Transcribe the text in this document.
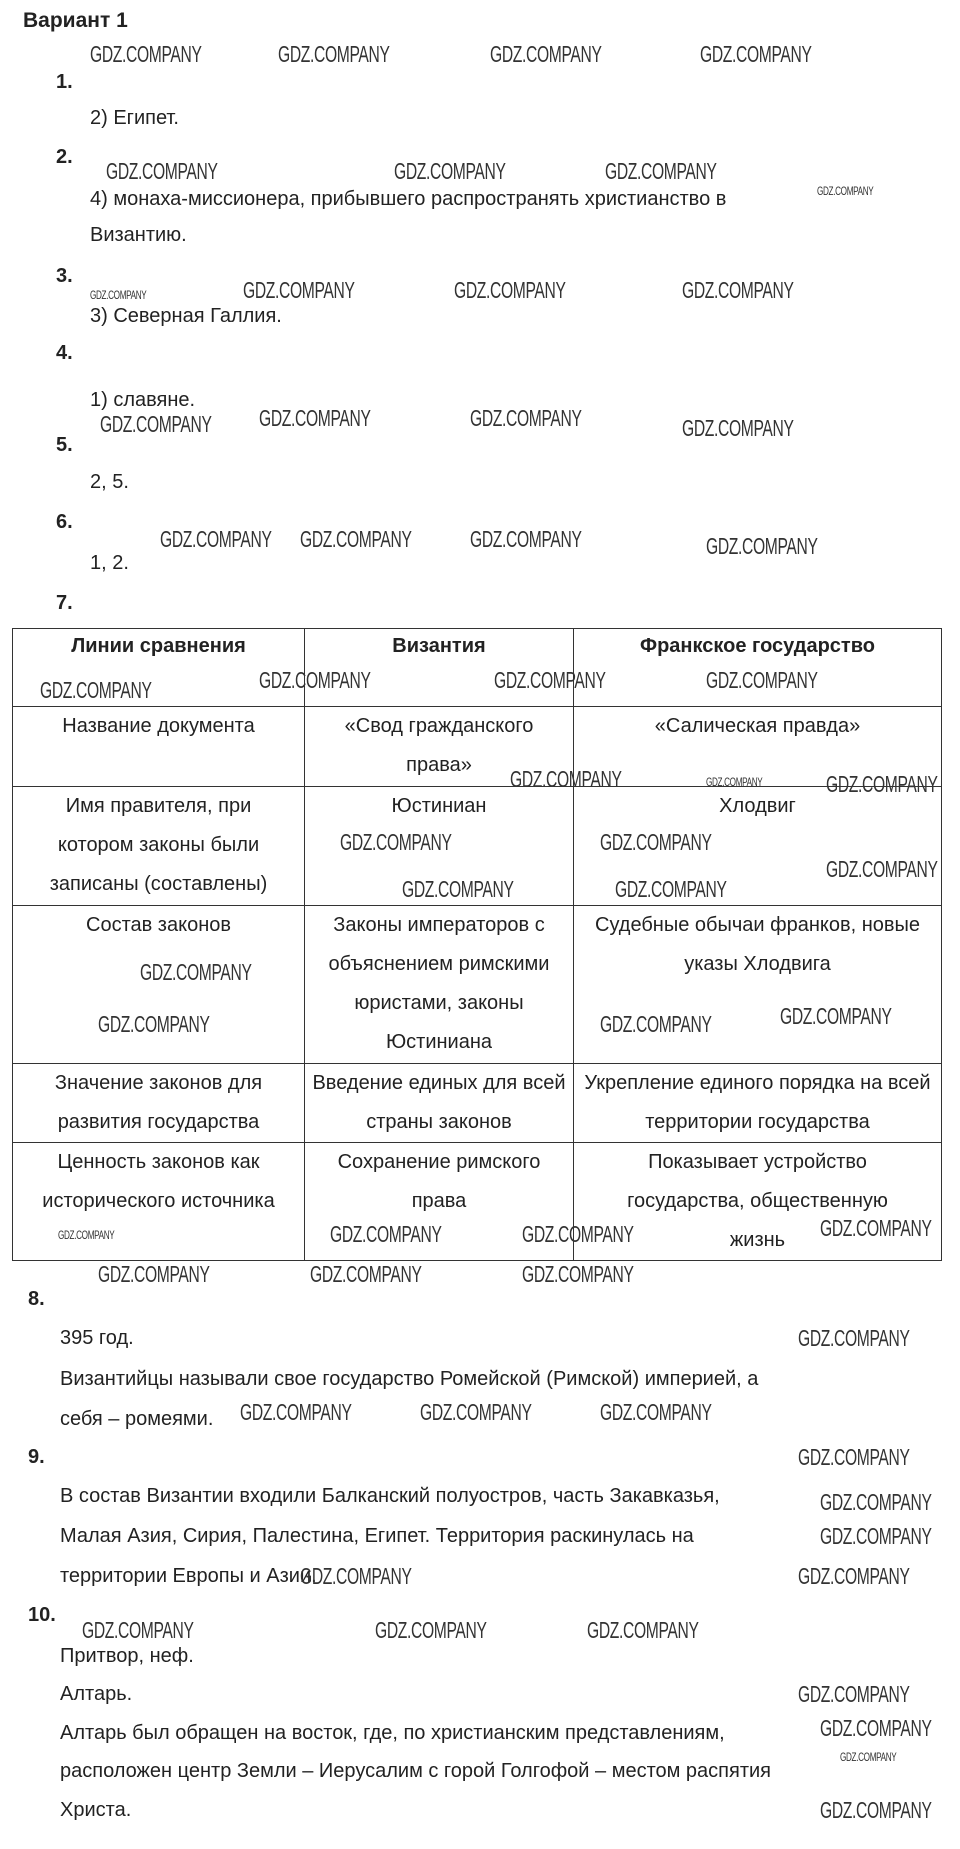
Вариант 1
1.
2) Египет.
2.
4) монаха-миссионера, прибывшего распространять христианство в
Византию.
3.
3) Северная Галлия.
4.
1) славяне.
5.
2, 5.
6.
1, 2.
7.
Линии сравнения	Византия	Франкское государство
Название документа	«Свод гражданского права»	«Салическая правда»
Имя правителя, при котором законы были записаны (составлены)	Юстиниан	Хлодвиг
Состав законов	Законы императоров с объяснением римскими юристами, законы Юстиниана	Судебные обычаи франков, новые указы Хлодвига
Значение законов для развития государства	Введение единых для всей страны законов	Укрепление единого порядка на всей территории государства
Ценность законов как исторического источника	Сохранение римского права	Показывает устройство государства, общественную жизнь
8.
395 год.
Византийцы называли свое государство Ромейской (Римской) империей, а
себя – ромеями.
9.
В состав Византии входили Балканский полуостров, часть Закавказья,
Малая Азия, Сирия, Палестина, Египет. Территория раскинулась на
территории Европы и Азии.
10.
Притвор, неф.
Алтарь.
Алтарь был обращен на восток, где, по христианским представлениям,
расположен центр Земли – Иерусалим с горой Голгофой – местом распятия
Христа.
GDZ.COMPANY	GDZ.COMPANY	GDZ.COMPANY	GDZ.COMPANY
GDZ.COMPANY	GDZ.COMPANY	GDZ.COMPANY
GDZ.COMPANY
GDZ.COMPANY	GDZ.COMPANY	GDZ.COMPANY	GDZ.COMPANY
GDZ.COMPANY GDZ.COMPANY	GDZ.COMPANY	GDZ.COMPANY
GDZ.COMPANY GDZ.COMPANY	GDZ.COMPANY	GDZ.COMPANY
GDZ.COMPANY	GDZ.COMPANY	GDZ.COMPANY
GDZ.COMPANY
GDZ.COMPANY
GDZ.COMPANY
GDZ.COMPANY	GDZ.COMPANY
GDZ.COMPANY
GDZ.COMPANY
GDZ.COMPANY	GDZ.COMPANY
GDZ.COMPANY
GDZ.COMPANY
GDZ.COMPANY	GDZ.COMPANY
GDZ.COMPANY	GDZ.COMPANY	GDZ.COMPANY	GDZ.COMPANY
GDZ.COMPANY	GDZ.COMPANY	GDZ.COMPANY
GDZ.COMPANY
GDZ.COMPANY	GDZ.COMPANY	GDZ.COMPANY
GDZ.COMPANY
GDZ.COMPANY
GDZ.COMPANY
GDZ.COMPANY	GDZ.COMPANY
GDZ.COMPANY	GDZ.COMPANY	GDZ.COMPANY
GDZ.COMPANY
GDZ.COMPANY
GDZ.COMPANY
GDZ.COMPANY
